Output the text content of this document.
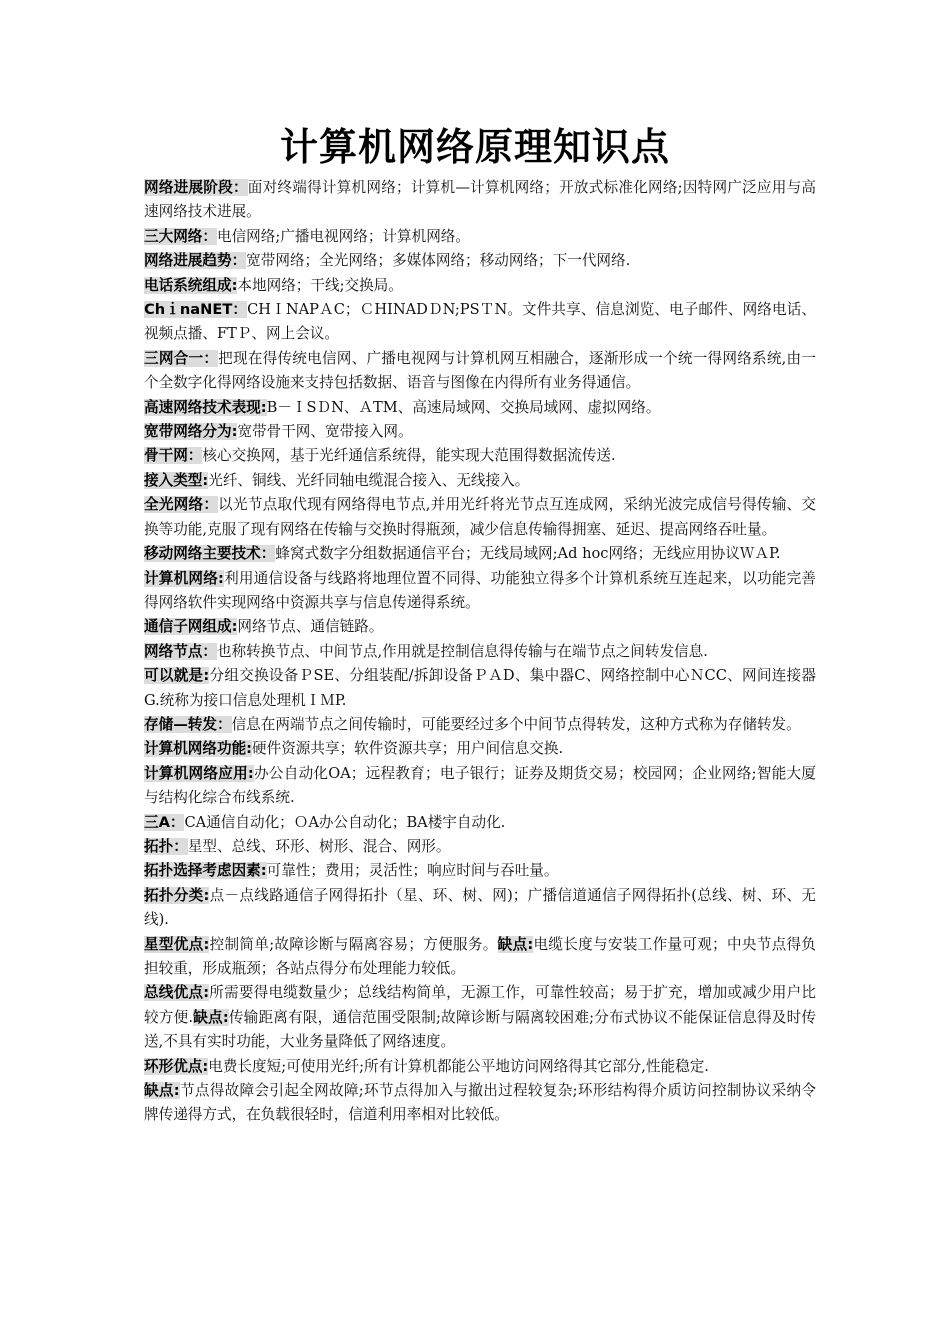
计算机网络原理知识点

网络进展阶段：面对终端得计算机网络；计算机—计算机网络；开放式标准化网络;因特网广泛应用与高速网络技术进展。

三大网络：电信网络;广播电视网络；计算机网络。

网络进展趋势：宽带网络；全光网络；多媒体网络；移动网络；下一代网络.

电话系统组成:本地网络；干线;交换局。

ChｉnaNET：CHＩNAPＡC；ＣHINADＤN;PSＴN。文件共享、信息浏览、电子邮件、网络电话、视频点播、FTＰ、网上会议。

三网合一：把现在得传统电信网、广播电视网与计算机网互相融合，逐渐形成一个统一得网络系统,由一个全数字化得网络设施来支持包括数据、语音与图像在内得所有业务得通信。

高速网络技术表现:B－ＩSＤN、ＡTM、高速局域网、交换局域网、虚拟网络。

宽带网络分为:宽带骨干网、宽带接入网。

骨干网：核心交换网，基于光纤通信系统得，能实现大范围得数据流传送.

接入类型:光纤、铜线、光纤同轴电缆混合接入、无线接入。

全光网络：以光节点取代现有网络得电节点,并用光纤将光节点互连成网，采纳光波完成信号得传输、交换等功能,克服了现有网络在传输与交换时得瓶颈，减少信息传输得拥塞、延迟、提高网络吞吐量。

移动网络主要技术：蜂窝式数字分组数据通信平台；无线局域网;Ad hoc网络；无线应用协议ＷＡP.

计算机网络:利用通信设备与线路将地理位置不同得、功能独立得多个计算机系统互连起来，以功能完善得网络软件实现网络中资源共享与信息传递得系统。

通信子网组成:网络节点、通信链路。

网络节点：也称转换节点、中间节点,作用就是控制信息得传输与在端节点之间转发信息.

可以就是:分组交换设备ＰSE、分组装配/拆卸设备ＰＡD、集中器C、网络控制中心ＮCC、网间连接器G.统称为接口信息处理机ＩＭP.

存储—转发：信息在两端节点之间传输时，可能要经过多个中间节点得转发，这种方式称为存储转发。

计算机网络功能:硬件资源共享；软件资源共享；用户间信息交换.

计算机网络应用:办公自动化OA；远程教育；电子银行；证券及期货交易；校园网；企业网络;智能大厦与结构化综合布线系统.

三A：CA通信自动化；ＯA办公自动化；BA楼宇自动化.

拓扑：星型、总线、环形、树形、混合、网形。

拓扑选择考虑因素:可靠性；费用；灵活性；响应时间与吞吐量。

拓扑分类:点－点线路通信子网得拓扑（星、环、树、网)；广播信道通信子网得拓扑(总线、树、环、无线).

星型优点:控制简单;故障诊断与隔离容易；方便服务。缺点:电缆长度与安装工作量可观；中央节点得负担较重，形成瓶颈；各站点得分布处理能力较低。

总线优点:所需要得电缆数量少；总线结构简单，无源工作，可靠性较高；易于扩充，增加或减少用户比较方便.缺点:传输距离有限，通信范围受限制;故障诊断与隔离较困难;分布式协议不能保证信息得及时传送,不具有实时功能，大业务量降低了网络速度。

环形优点:电费长度短;可使用光纤;所有计算机都能公平地访问网络得其它部分,性能稳定.

缺点:节点得故障会引起全网故障;环节点得加入与撤出过程较复杂;环形结构得介质访问控制协议采纳令牌传递得方式，在负载很轻时，信道利用率相对比较低。
